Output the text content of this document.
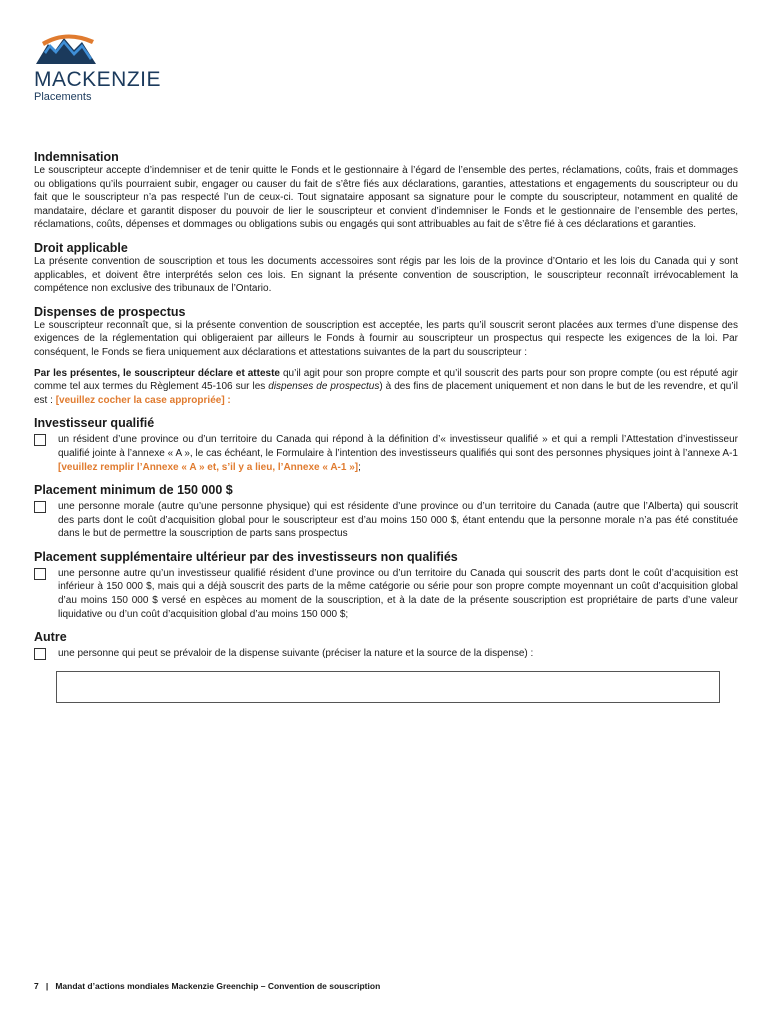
MACKENZIE
Placements
Indemnisation

Le souscripteur accepte d’indemniser et de tenir quitte le Fonds et le gestionnaire à l’égard de l’ensemble des pertes, réclamations, coûts, frais et dommages ou obligations qu’ils pourraient subir, engager ou causer du fait de s’être fiés aux déclarations, garanties, attestations et engagements du souscripteur ou du fait que le souscripteur n’a pas respecté l’un de ceux-ci. Tout signataire apposant sa signature pour le compte du souscripteur, notamment en qualité de mandataire, déclare et garantit disposer du pouvoir de lier le souscripteur et convient d’indemniser le Fonds et le gestionnaire de l’ensemble des pertes, réclamations, coûts, dépenses et dommages ou obligations subis ou engagés qui sont attribuables au fait de s’être fié à ces déclarations et garanties.

Droit applicable

La présente convention de souscription et tous les documents accessoires sont régis par les lois de la province d’Ontario et les lois du Canada qui y sont applicables, et doivent être interprétés selon ces lois. En signant la présente convention de souscription, le souscripteur reconnaît irrévocablement la compétence non exclusive des tribunaux de l’Ontario.

Dispenses de prospectus

Le souscripteur reconnaît que, si la présente convention de souscription est acceptée, les parts qu’il souscrit seront placées aux termes d’une dispense des exigences de la réglementation qui obligeraient par ailleurs le Fonds à fournir au souscripteur un prospectus qui respecte les exigences de la loi. Par conséquent, le Fonds se fiera uniquement aux déclarations et attestations suivantes de la part du souscripteur :

Par les présentes, le souscripteur déclare et atteste qu’il agit pour son propre compte et qu’il souscrit des parts pour son propre compte (ou est réputé agir comme tel aux termes du Règlement 45-106 sur les dispenses de prospectus) à des fins de placement uniquement et non dans le but de les revendre, et qu’il est : [veuillez cocher la case appropriée] :

Investisseur qualifié

un résident d’une province ou d’un territoire du Canada qui répond à la définition d’« investisseur qualifié » et qui a rempli l’Attestation d’investisseur qualifié jointe à l’annexe « A », le cas échéant, le Formulaire à l’intention des investisseurs qualifiés qui sont des personnes physiques joint à l’annexe A-1 [veuillez remplir l’Annexe « A » et, s’il y a lieu, l’Annexe « A-1 »];

Placement minimum de 150 000 $

une personne morale (autre qu’une personne physique) qui est résidente d’une province ou d’un territoire du Canada (autre que l’Alberta) qui souscrit des parts dont le coût d’acquisition global pour le souscripteur est d’au moins 150 000 $, étant entendu que la personne morale n’a pas été constituée dans le but de permettre la souscription de parts sans prospectus

Placement supplémentaire ultérieur par des investisseurs non qualifiés

une personne autre qu’un investisseur qualifié résident d’une province ou d’un territoire du Canada qui souscrit des parts dont le coût d’acquisition est inférieur à 150 000 $, mais qui a déjà souscrit des parts de la même catégorie ou série pour son propre compte moyennant un coût d’acquisition global d’au moins 150 000 $ versé en espèces au moment de la souscription, et à la date de la présente souscription est propriétaire de parts d’une valeur liquidative ou d’un coût d’acquisition global d’au moins 150 000 $;

Autre

une personne qui peut se prévaloir de la dispense suivante (préciser la nature et la source de la dispense) :

7 | Mandat d’actions mondiales Mackenzie Greenchip – Convention de souscription
